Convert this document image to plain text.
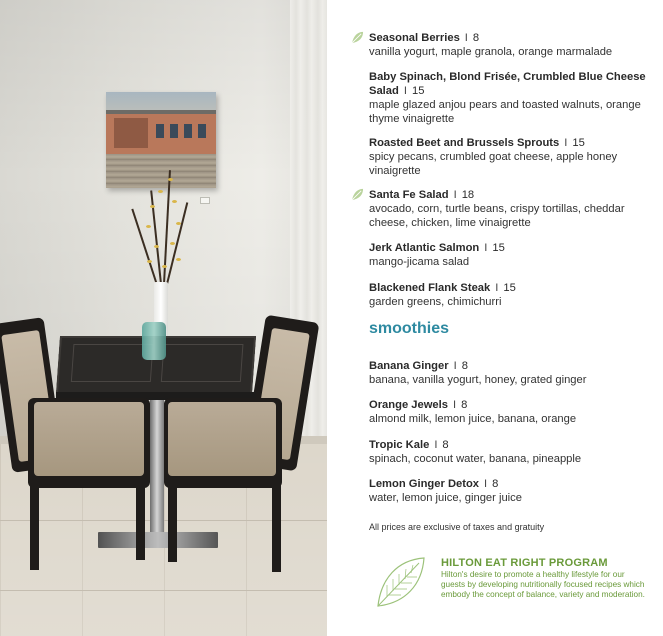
Seasonal Berries I 8
vanilla yogurt, maple granola, orange marmalade
Baby Spinach, Blond Frisée, Crumbled Blue Cheese Salad I 15
maple glazed anjou pears and toasted walnuts, orange thyme vinaigrette
Roasted Beet and Brussels Sprouts I 15
spicy pecans, crumbled goat cheese, apple honey vinaigrette
Santa Fe Salad I 18
avocado, corn, turtle beans, crispy tortillas, cheddar cheese, chicken, lime vinaigrette
Jerk Atlantic Salmon I 15
mango-jicama salad
Blackened Flank Steak I 15
garden greens, chimichurri
smoothies
Banana Ginger I 8
banana, vanilla yogurt, honey, grated ginger
Orange Jewels I 8
almond milk, lemon juice, banana, orange
Tropic Kale I 8
spinach, coconut water, banana, pineapple
Lemon Ginger Detox I 8
water, lemon juice, ginger juice
All prices are exclusive of taxes and gratuity
HILTON EAT RIGHT PROGRAM
Hilton's desire to promote a healthy lifestyle for our guests by developing nutritionally focused recipes which embody the concept of balance, variety and moderation.
